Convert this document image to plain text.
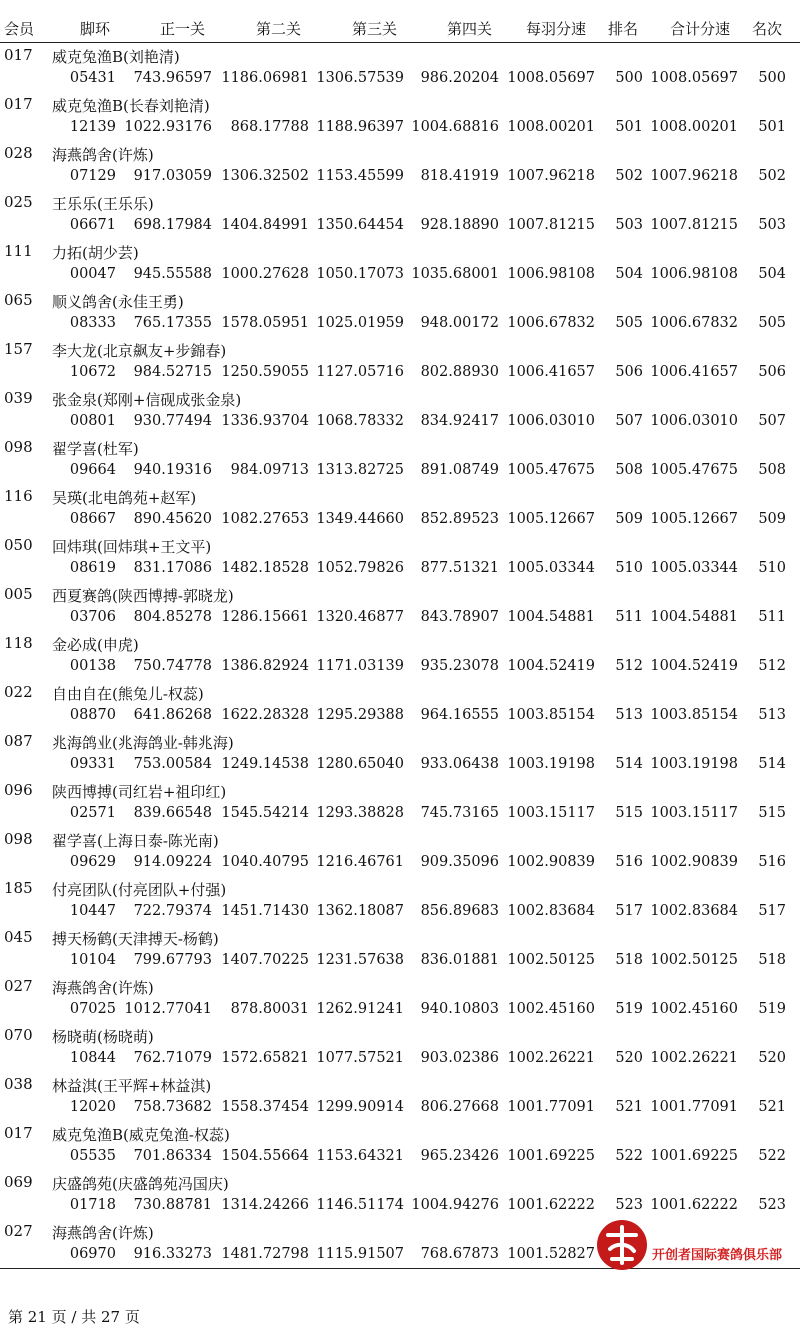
会员	脚环	正一关	第二关	第三关	第四关 每羽分速 排名 合计分速 名次
017 威克兔渔B(刘艳清)
05431	743.96597 1186.06981 1306.57539	986.20204 1008.05697	500 1008.05697	500
017 威克兔渔B(长春刘艳清)
12139 1022.93176	868.17788 1188.96397 1004.68816 1008.00201	501 1008.00201	501
028 海燕鸽舍(许炼)
07129	917.03059 1306.32502 1153.45599	818.41919 1007.96218	502 1007.96218	502
025 王乐乐(王乐乐)
06671	698.17984 1404.84991 1350.64454	928.18890 1007.81215	503 1007.81215	503
111 力拓(胡少芸)
00047	945.55588 1000.27628 1050.17073 1035.68001 1006.98108	504 1006.98108	504
065 顺义鸽舍(永佳王勇)
08333	765.17355 1578.05951 1025.01959	948.00172 1006.67832	505 1006.67832	505
157 李大龙(北京飙友+步錦春)
10672	984.52715 1250.59055 1127.05716	802.88930 1006.41657	506 1006.41657	506
039 张金泉(郑刚+信砚成张金泉)
00801	930.77494 1336.93704 1068.78332	834.92417 1006.03010	507 1006.03010	507
098 翟学喜(杜军)
09664	940.19316	984.09713 1313.82725	891.08749 1005.47675	508 1005.47675	508
116 吴瑛(北电鸽苑+赵军)
08667	890.45620 1082.27653 1349.44660	852.89523 1005.12667	509 1005.12667	509
050 回炜琪(回炜琪+王文平)
08619	831.17086 1482.18528 1052.79826	877.51321 1005.03344	510 1005.03344	510
005 西夏赛鸽(陕西博搏-郭晓龙)
03706	804.85278 1286.15661 1320.46877	843.78907 1004.54881	511 1004.54881	511
118 金必成(申虎)
00138	750.74778 1386.82924 1171.03139	935.23078 1004.52419	512 1004.52419	512
022 自由自在(熊兔儿-权蕊)
08870	641.86268 1622.28328 1295.29388	964.16555 1003.85154	513 1003.85154	513
087 兆海鸽业(兆海鸽业-韩兆海)
09331	753.00584 1249.14538 1280.65040	933.06438 1003.19198	514 1003.19198	514
096 陕西博搏(司红岩+祖印红)
02571	839.66548 1545.54214 1293.38828	745.73165 1003.15117	515 1003.15117	515
098 翟学喜(上海日泰-陈光南)
09629	914.09224 1040.40795 1216.46761	909.35096 1002.90839	516 1002.90839	516
185 付亮团队(付亮团队+付强)
10447	722.79374 1451.71430 1362.18087	856.89683 1002.83684	517 1002.83684	517
045 搏天杨鹤(天津搏天-杨鹤)
10104	799.67793 1407.70225 1231.57638	836.01881 1002.50125	518 1002.50125	518
027 海燕鸽舍(许炼)
07025 1012.77041	878.80031 1262.91241	940.10803 1002.45160	519 1002.45160	519
070 杨晓萌(杨晓萌)
10844	762.71079 1572.65821 1077.57521	903.02386 1002.26221	520 1002.26221	520
038 林益淇(王平辉+林益淇)
12020	758.73682 1558.37454 1299.90914	806.27668 1001.77091	521 1001.77091	521
017 威克兔渔B(威克兔渔-权蕊)
05535	701.86334 1504.55664 1153.64321	965.23426 1001.69225	522 1001.69225	522
069 庆盛鸽苑(庆盛鸽苑冯国庆)
01718	730.88781 1314.24266 1146.51174 1004.94276 1001.62222	523 1001.62222	523
027 海燕鸽舍(许炼)
06970	916.33273 1481.72798 1115.91507	768.67873 1001.52827	开创者国际赛鸽俱乐部
第 21 页 / 共 27 页
